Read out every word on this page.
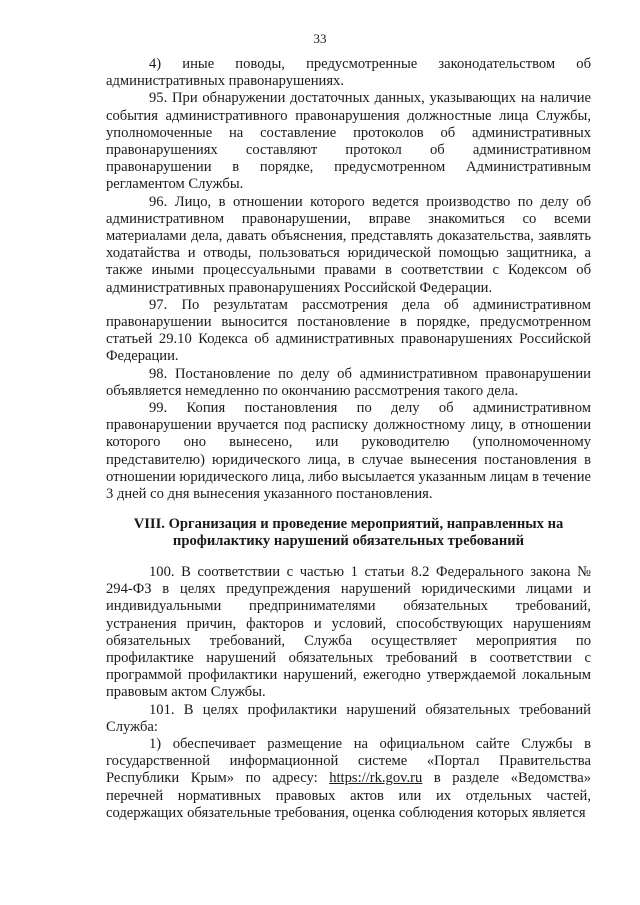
33

4) иные поводы, предусмотренные законодательством об административных правонарушениях.

95. При обнаружении достаточных данных, указывающих на наличие события административного правонарушения должностные лица Службы, уполномоченные на составление протоколов об административных правонарушениях составляют протокол об административном правонарушении в порядке, предусмотренном Административным регламентом Службы.

96. Лицо, в отношении которого ведется производство по делу об административном правонарушении, вправе знакомиться со всеми материалами дела, давать объяснения, представлять доказательства, заявлять ходатайства и отводы, пользоваться юридической помощью защитника, а также иными процессуальными правами в соответствии с Кодексом об административных правонарушениях Российской Федерации.

97. По результатам рассмотрения дела об административном правонарушении выносится постановление в порядке, предусмотренном статьей 29.10 Кодекса об административных правонарушениях Российской Федерации.

98. Постановление по делу об административном правонарушении объявляется немедленно по окончанию рассмотрения такого дела.

99. Копия постановления по делу об административном правонарушении вручается под расписку должностному лицу, в отношении которого оно вынесено, или руководителю (уполномоченному представителю) юридического лица, в случае вынесения постановления в отношении юридического лица, либо высылается указанным лицам в течение 3 дней со дня вынесения указанного постановления.

VIII. Организация и проведение мероприятий, направленных на профилактику нарушений обязательных требований

100. В соответствии с частью 1 статьи 8.2 Федерального закона № 294-ФЗ в целях предупреждения нарушений юридическими лицами и индивидуальными предпринимателями обязательных требований, устранения причин, факторов и условий, способствующих нарушениям обязательных требований, Служба осуществляет мероприятия по профилактике нарушений обязательных требований в соответствии с программой профилактики нарушений, ежегодно утверждаемой локальным правовым актом Службы.

101. В целях профилактики нарушений обязательных требований Служба:

1) обеспечивает размещение на официальном сайте Службы в государственной информационной системе «Портал Правительства Республики Крым» по адресу: https://rk.gov.ru в разделе «Ведомства» перечней нормативных правовых актов или их отдельных частей, содержащих обязательные требования, оценка соблюдения которых является
